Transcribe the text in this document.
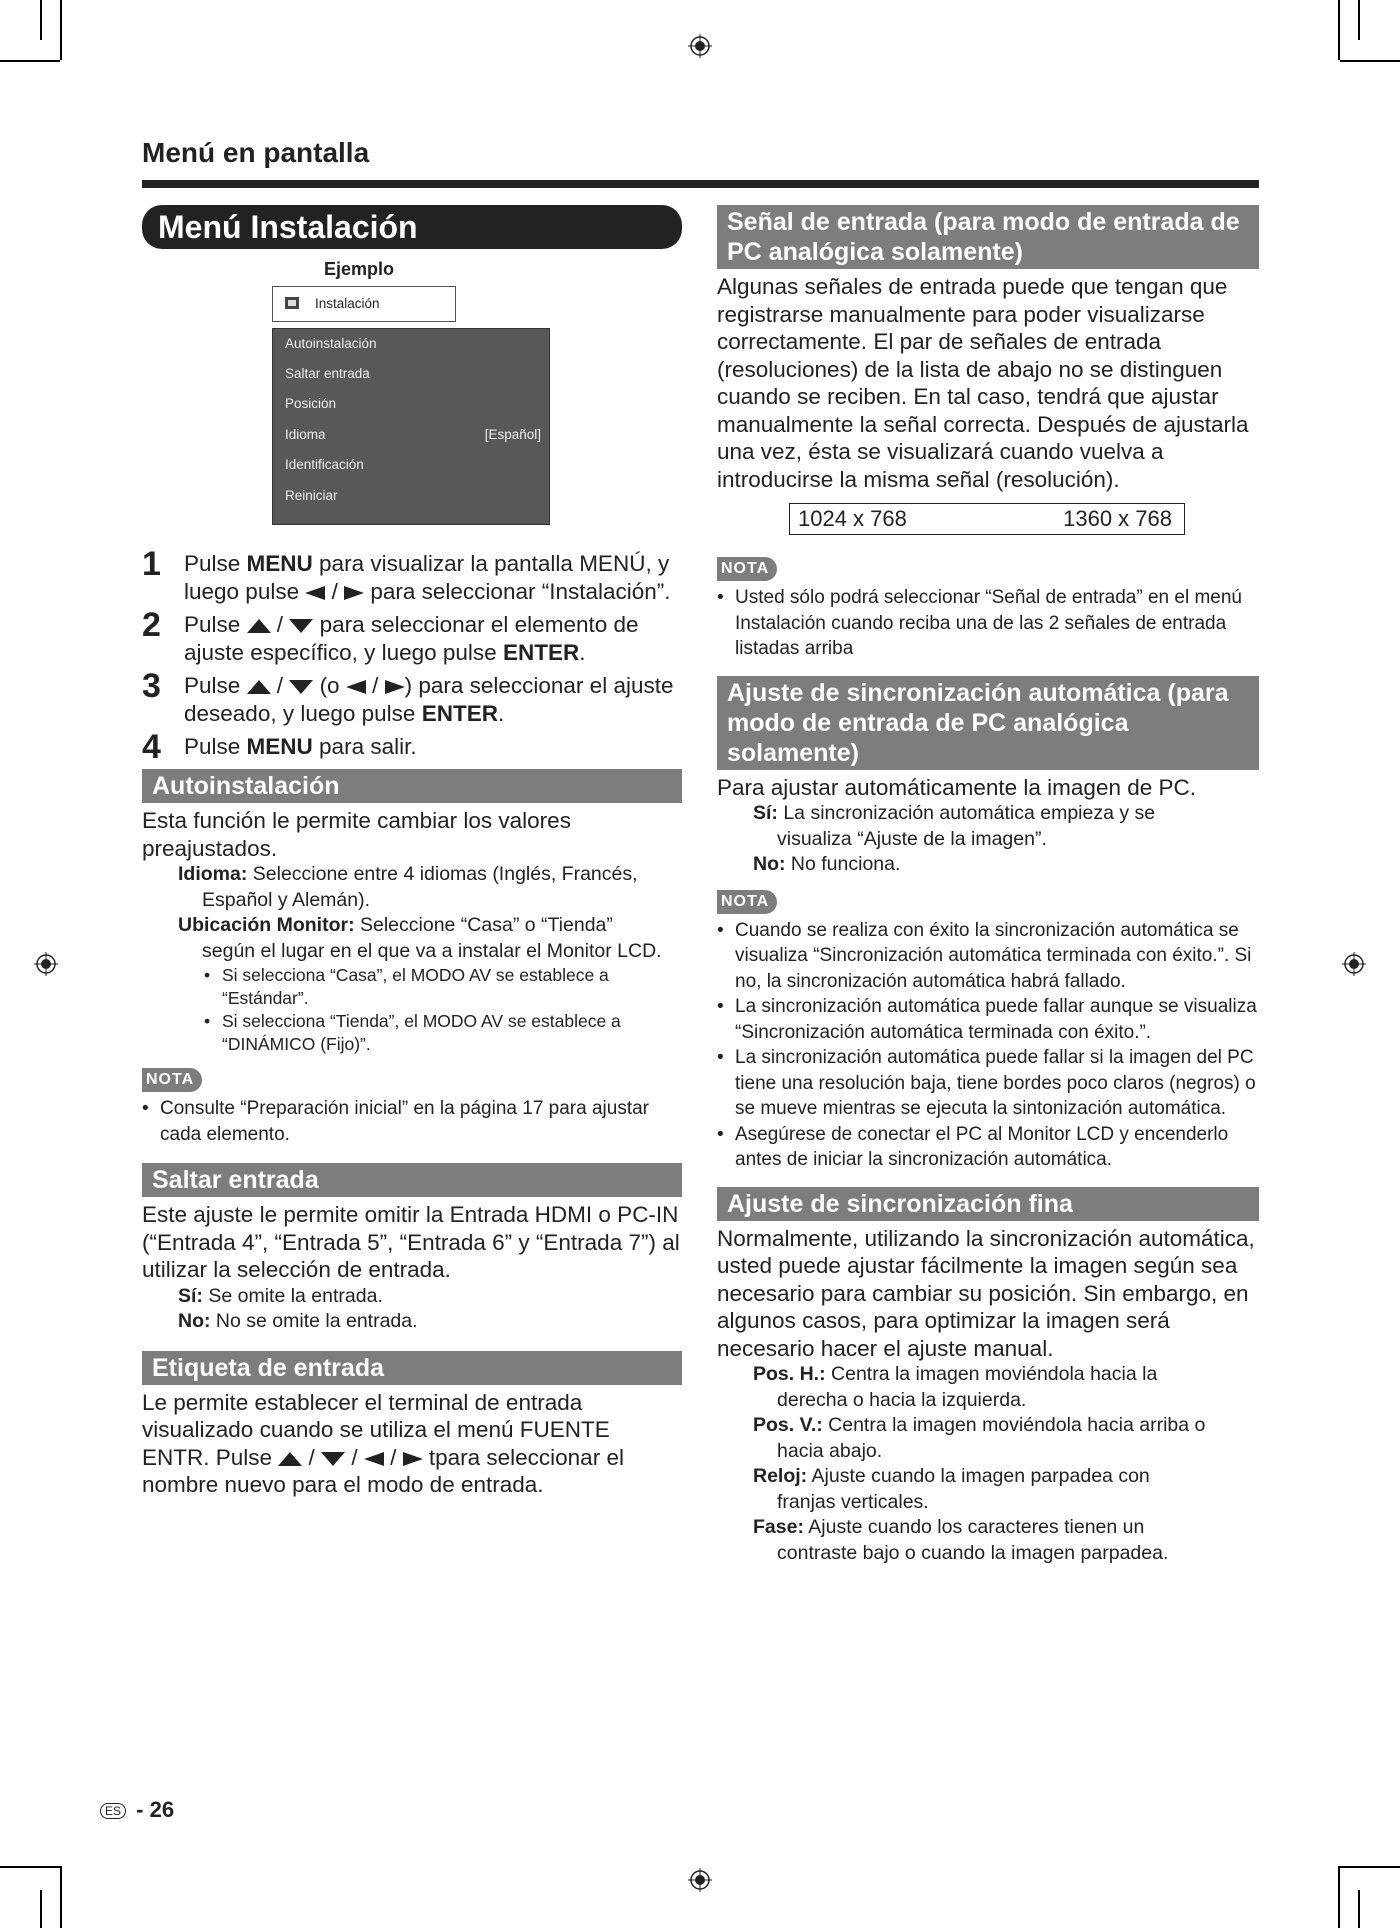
Menú en pantalla
Menú Instalación
Ejemplo
Instalación
Autoinstalación
Saltar entrada
Posición
Idioma	[Español]
Identificación
Reiniciar
1 Pulse MENU para visualizar la pantalla MENÚ, y luego pulse  /  para seleccionar “Instalación”.
2 Pulse  /  para seleccionar el elemento de ajuste específico, y luego pulse ENTER.
3 Pulse  /  (o  / ) para seleccionar el ajuste deseado, y luego pulse ENTER.
4 Pulse MENU para salir.
Autoinstalación
Esta función le permite cambiar los valores preajustados.
Idioma: Seleccione entre 4 idiomas (Inglés, Francés,
Español y Alemán).
Ubicación Monitor: Seleccione “Casa” o “Tienda”
según el lugar en el que va a instalar el Monitor LCD.
• Si selecciona “Casa”, el MODO AV se establece a “Estándar”.
• Si selecciona “Tienda”, el MODO AV se establece a “DINÁMICO (Fijo)”.
NOTA
• Consulte “Preparación inicial” en la página 17 para ajustar cada elemento.
Saltar entrada
Este ajuste le permite omitir la Entrada HDMI o PC-IN (“Entrada 4”, “Entrada 5”, “Entrada 6” y “Entrada 7”) al utilizar la selección de entrada.
Sí: Se omite la entrada.
No: No se omite la entrada.
Etiqueta de entrada
Le permite establecer el terminal de entrada visualizado cuando se utiliza el menú FUENTE ENTR. Pulse  /  /  /  tpara seleccionar el nombre nuevo para el modo de entrada.
Señal de entrada (para modo de entrada de PC analógica solamente)
Algunas señales de entrada puede que tengan que registrarse manualmente para poder visualizarse correctamente. El par de señales de entrada (resoluciones) de la lista de abajo no se distinguen cuando se reciben. En tal caso, tendrá que ajustar manualmente la señal correcta. Después de ajustarla una vez, ésta se visualizará cuando vuelva a introducirse la misma señal (resolución).
1024 x 768	1360 x 768
NOTA
• Usted sólo podrá seleccionar “Señal de entrada” en el menú Instalación cuando reciba una de las 2 señales de entrada listadas arriba
Ajuste de sincronización automática (para modo de entrada de PC analógica solamente)
Para ajustar automáticamente la imagen de PC.
Sí: La sincronización automática empieza y se
visualiza “Ajuste de la imagen”.
No: No funciona.
NOTA
• Cuando se realiza con éxito la sincronización automática se visualiza “Sincronización automática terminada con éxito.”. Si no, la sincronización automática habrá fallado.
• La sincronización automática puede fallar aunque se visualiza “Sincronización automática terminada con éxito.”.
• La sincronización automática puede fallar si la imagen del PC tiene una resolución baja, tiene bordes poco claros (negros) o se mueve mientras se ejecuta la sintonización automática.
• Asegúrese de conectar el PC al Monitor LCD y encenderlo antes de iniciar la sincronización automática.
Ajuste de sincronización fina
Normalmente, utilizando la sincronización automática, usted puede ajustar fácilmente la imagen según sea necesario para cambiar su posición. Sin embargo, en algunos casos, para optimizar la imagen será necesario hacer el ajuste manual.
Pos. H.: Centra la imagen moviéndola hacia la
derecha o hacia la izquierda.
Pos. V.: Centra la imagen moviéndola hacia arriba o
hacia abajo.
Reloj: Ajuste cuando la imagen parpadea con
franjas verticales.
Fase: Ajuste cuando los caracteres tienen un
contraste bajo o cuando la imagen parpadea.
ES - 26
